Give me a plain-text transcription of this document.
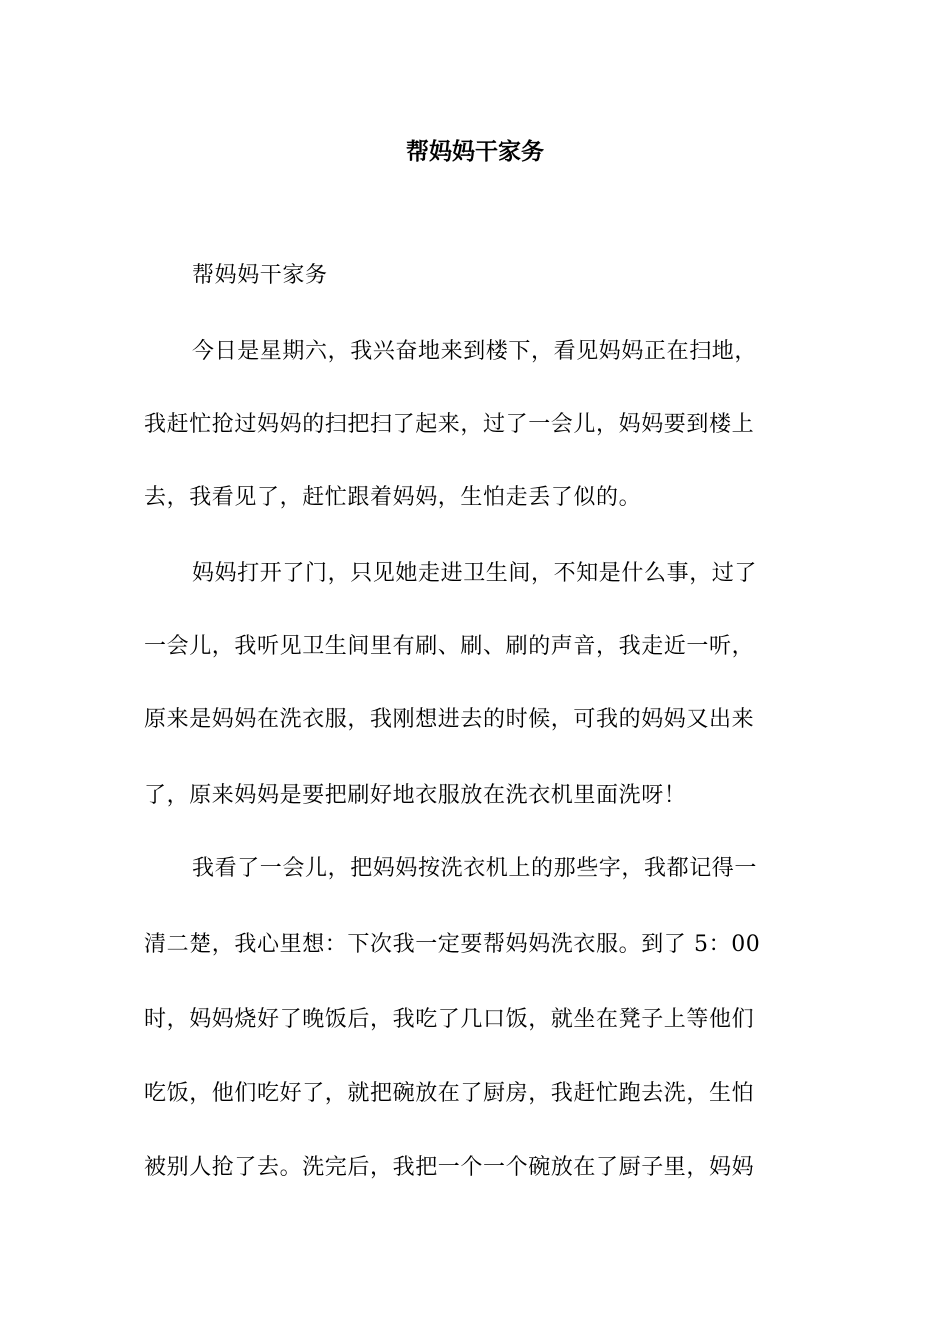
帮妈妈干家务
帮妈妈干家务
今日是星期六，我兴奋地来到楼下，看见妈妈正在扫地，
我赶忙抢过妈妈的扫把扫了起来，过了一会儿，妈妈要到楼上
去，我看见了，赶忙跟着妈妈，生怕走丢了似的。
妈妈打开了门，只见她走进卫生间，不知是什么事，过了
一会儿，我听见卫生间里有刷、刷、刷的声音，我走近一听，
原来是妈妈在洗衣服，我刚想进去的时候，可我的妈妈又出来
了，原来妈妈是要把刷好地衣服放在洗衣机里面洗呀！
我看了一会儿，把妈妈按洗衣机上的那些字，我都记得一
清二楚，我心里想：下次我一定要帮妈妈洗衣服。到了 5：00
时，妈妈烧好了晚饭后，我吃了几口饭，就坐在凳子上等他们
吃饭，他们吃好了，就把碗放在了厨房，我赶忙跑去洗，生怕
被别人抢了去。洗完后，我把一个一个碗放在了厨子里，妈妈
